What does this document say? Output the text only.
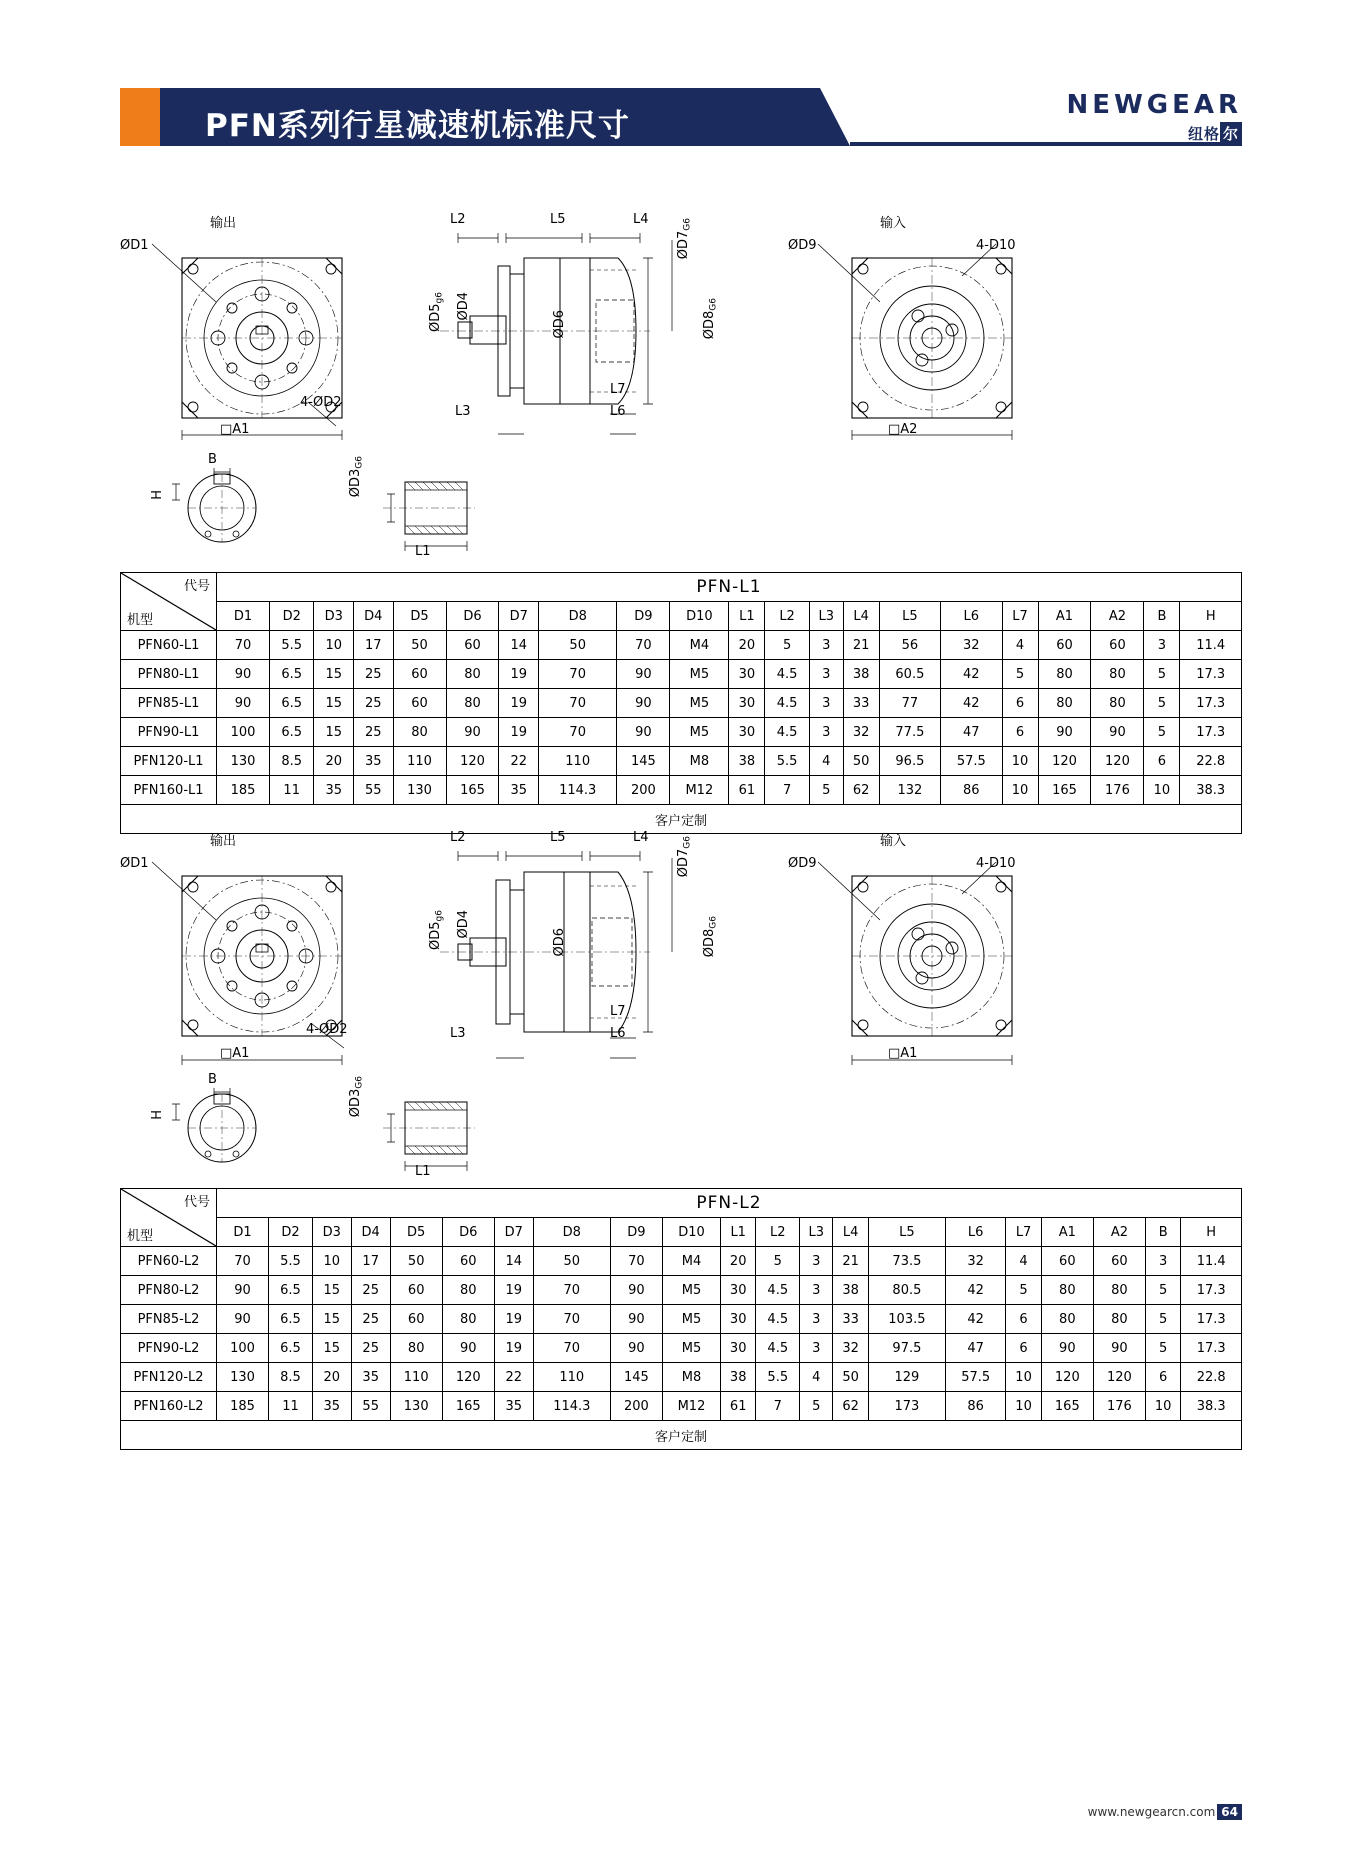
PFN系列行星减速机标准尺寸
NEWGEAR
纽格 尔
输出
ØD1
4-ØD2
□A1
L2	L5	L4
$ØD7_{G6}$
$ØD8_{G6}$
$ØD5_{g6}$ ØD4
ØD6
L7
L6
L3
输入
ØD9	4-D10
□A2
B
H	$ØD3_{G6}$
L1
代号
机型	PFN-L1																				
	D1	D2	D3	D4	D5	D6	D7	D8	D9	D10	L1	L2	L3	L4	L5	L6	L7	A1	A2	B	H
PFN60-L1	70	5.5	10	17	50	60	14	50	70	M4	20	5	3	21	56	32	4	60	60	3	11.4
PFN80-L1	90	6.5	15	25	60	80	19	70	90	M5	30	4.5	3	38	60.5	42	5	80	80	5	17.3
PFN85-L1	90	6.5	15	25	60	80	19	70	90	M5	30	4.5	3	33	77	42	6	80	80	5	17.3
PFN90-L1	100	6.5	15	25	80	90	19	70	90	M5	30	4.5	3	32	77.5	47	6	90	90	5	17.3
PFN120-L1	130	8.5	20	35	110	120	22	110	145	M8	38	5.5	4	50	96.5	57.5	10	120	120	6	22.8
PFN160-L1	185	11	35	55	130	165	35	114.3	200	M12	61	7	5	62	132	86	10	165	176	10	38.3
客户定制																					
输出
ØD1
4-ØD2
□A1
L2	L5	L4
$ØD7_{G6}$
$ØD8_{G6}$
$ØD5_{g6}$ ØD4
ØD6
L7
L6
L3
输入
ØD9	4-D10
□A1
B
H	$ØD3_{G6}$
L1
代号
机型	PFN-L2																				
	D1	D2	D3	D4	D5	D6	D7	D8	D9	D10	L1	L2	L3	L4	L5	L6	L7	A1	A2	B	H
PFN60-L2	70	5.5	10	17	50	60	14	50	70	M4	20	5	3	21	73.5	32	4	60	60	3	11.4
PFN80-L2	90	6.5	15	25	60	80	19	70	90	M5	30	4.5	3	38	80.5	42	5	80	80	5	17.3
PFN85-L2	90	6.5	15	25	60	80	19	70	90	M5	30	4.5	3	33	103.5	42	6	80	80	5	17.3
PFN90-L2	100	6.5	15	25	80	90	19	70	90	M5	30	4.5	3	32	97.5	47	6	90	90	5	17.3
PFN120-L2	130	8.5	20	35	110	120	22	110	145	M8	38	5.5	4	50	129	57.5	10	120	120	6	22.8
PFN160-L2	185	11	35	55	130	165	35	114.3	200	M12	61	7	5	62	173	86	10	165	176	10	38.3
客户定制																					
www.newgearcn.com 64
